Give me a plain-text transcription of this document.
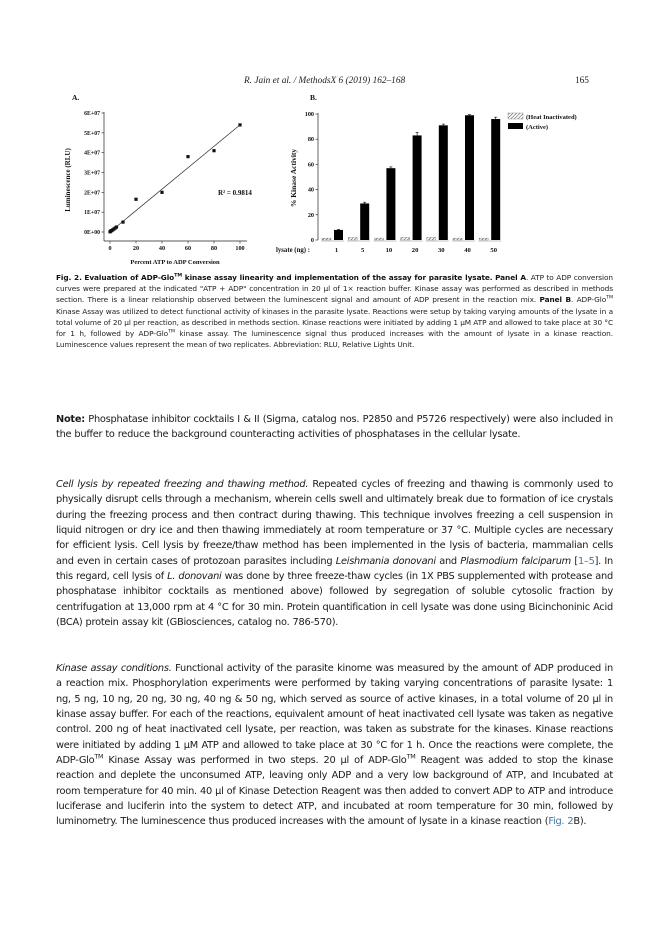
R. Jain et al. / MethodsX 6 (2019) 162–168	165
A.
Luminescence (RLU)
Percent ATP to ADP Conversion
R² = 0.9814
0E+00
1E+07
2E+07
3E+07
4E+07
5E+07
6E+07
0	20	40	60	80	100
B.
% Kinase Activity
lysate (ng) :
0
20
40
60
80
100
1	5	10	20	30	40	50
(Heat Inactivated)
(Active)
Fig. 2. Evaluation of ADP-Glo™ kinase assay linearity and implementation of the assay for parasite lysate. Panel A. ATP to ADP conversion curves were prepared at the indicated "ATP + ADP" concentration in 20 µl of 1× reaction buffer. Kinase assay was performed as described in methods section. There is a linear relationship observed between the luminescent signal and amount of ADP present in the reaction mix. Panel B. ADP-Glo™ Kinase Assay was utilized to detect functional activity of kinases in the parasite lysate. Reactions were setup by taking varying amounts of the lysate in a total volume of 20 µl per reaction, as described in methods section. Kinase reactions were initiated by adding 1 µM ATP and allowed to take place at 30 °C for 1 h, followed by ADP-Glo™ kinase assay. The luminescence signal thus produced increases with the amount of lysate in a kinase reaction. Luminescence values represent the mean of two replicates. Abbreviation: RLU, Relative Lights Unit.
Note: Phosphatase inhibitor cocktails I & II (Sigma, catalog nos. P2850 and P5726 respectively) were also included in the buffer to reduce the background counteracting activities of phosphatases in the cellular lysate.
Cell lysis by repeated freezing and thawing method. Repeated cycles of freezing and thawing is commonly used to physically disrupt cells through a mechanism, wherein cells swell and ultimately break due to formation of ice crystals during the freezing process and then contract during thawing. This technique involves freezing a cell suspension in liquid nitrogen or dry ice and then thawing immediately at room temperature or 37 °C. Multiple cycles are necessary for efficient lysis. Cell lysis by freeze/thaw method has been implemented in the lysis of bacteria, mammalian cells and even in certain cases of protozoan parasites including Leishmania donovani and Plasmodium falciparum [1–5]. In this regard, cell lysis of L. donovani was done by three freeze-thaw cycles (in 1X PBS supplemented with protease and phosphatase inhibitor cocktails as mentioned above) followed by segregation of soluble cytosolic fraction by centrifugation at 13,000 rpm at 4 °C for 30 min. Protein quantification in cell lysate was done using Bicinchoninic Acid (BCA) protein assay kit (GBiosciences, catalog no. 786-570).
Kinase assay conditions. Functional activity of the parasite kinome was measured by the amount of ADP produced in a reaction mix. Phosphorylation experiments were performed by taking varying concentrations of parasite lysate: 1 ng, 5 ng, 10 ng, 20 ng, 30 ng, 40 ng & 50 ng, which served as source of active kinases, in a total volume of 20 µl in kinase assay buffer. For each of the reactions, equivalent amount of heat inactivated cell lysate was taken as negative control. 200 ng of heat inactivated cell lysate, per reaction, was taken as substrate for the kinases. Kinase reactions were initiated by adding 1 µM ATP and allowed to take place at 30 °C for 1 h. Once the reactions were complete, the ADP-Glo™ Kinase Assay was performed in two steps. 20 µl of ADP-Glo™ Reagent was added to stop the kinase reaction and deplete the unconsumed ATP, leaving only ADP and a very low background of ATP, and Incubated at room temperature for 40 min. 40 µl of Kinase Detection Reagent was then added to convert ADP to ATP and introduce luciferase and luciferin into the system to detect ATP, and incubated at room temperature for 30 min, followed by luminometry. The luminescence thus produced increases with the amount of lysate in a kinase reaction (Fig. 2B).
